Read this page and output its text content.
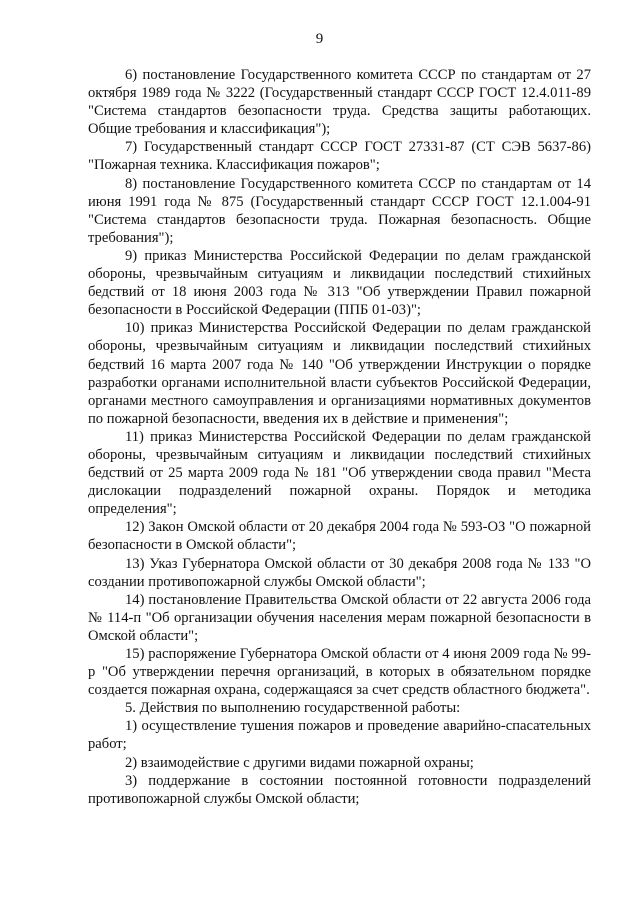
9

6) постановление Государственного комитета СССР по стандартам от 27 октября 1989 года № 3222 (Государственный стандарт СССР ГОСТ 12.4.011-89 "Система стандартов безопасности труда. Средства защиты работающих. Общие требования и классификация");

7) Государственный стандарт СССР ГОСТ 27331-87 (СТ СЭВ 5637-86) "Пожарная техника. Классификация пожаров";

8) постановление Государственного комитета СССР по стандартам от 14 июня 1991 года № 875 (Государственный стандарт СССР ГОСТ 12.1.004-91 "Система стандартов безопасности труда. Пожарная безопасность. Общие требования");

9) приказ Министерства Российской Федерации по делам гражданской обороны, чрезвычайным ситуациям и ликвидации последствий стихийных бедствий от 18 июня 2003 года № 313 "Об утверждении Правил пожарной безопасности в Российской Федерации (ППБ 01-03)";

10) приказ Министерства Российской Федерации по делам гражданской обороны, чрезвычайным ситуациям и ликвидации последствий стихийных бедствий 16 марта 2007 года № 140 "Об утверждении Инструкции о порядке разработки органами исполнительной власти субъектов Российской Федерации, органами местного самоуправления и организациями нормативных документов по пожарной безопасности, введения их в действие и применения";

11) приказ Министерства Российской Федерации по делам гражданской обороны, чрезвычайным ситуациям и ликвидации последствий стихийных бедствий от 25 марта 2009 года № 181 "Об утверждении свода правил "Места дислокации подразделений пожарной охраны. Порядок и методика определения";

12) Закон Омской области от 20 декабря 2004 года № 593-ОЗ "О пожарной безопасности в Омской области";

13) Указ Губернатора Омской области от 30 декабря 2008 года № 133 "О создании противопожарной службы Омской области";

14) постановление Правительства Омской области от 22 августа 2006 года № 114-п "Об организации обучения населения мерам пожарной безопасности в Омской области";

15) распоряжение Губернатора Омской области от 4 июня 2009 года № 99-р "Об утверждении перечня организаций, в которых в обязательном порядке создается пожарная охрана, содержащаяся за счет средств областного бюджета".

5. Действия по выполнению государственной работы:

1) осуществление тушения пожаров и проведение аварийно-спасательных работ;

2) взаимодействие с другими видами пожарной охраны;

3) поддержание в состоянии постоянной готовности подразделений противопожарной службы Омской области;
